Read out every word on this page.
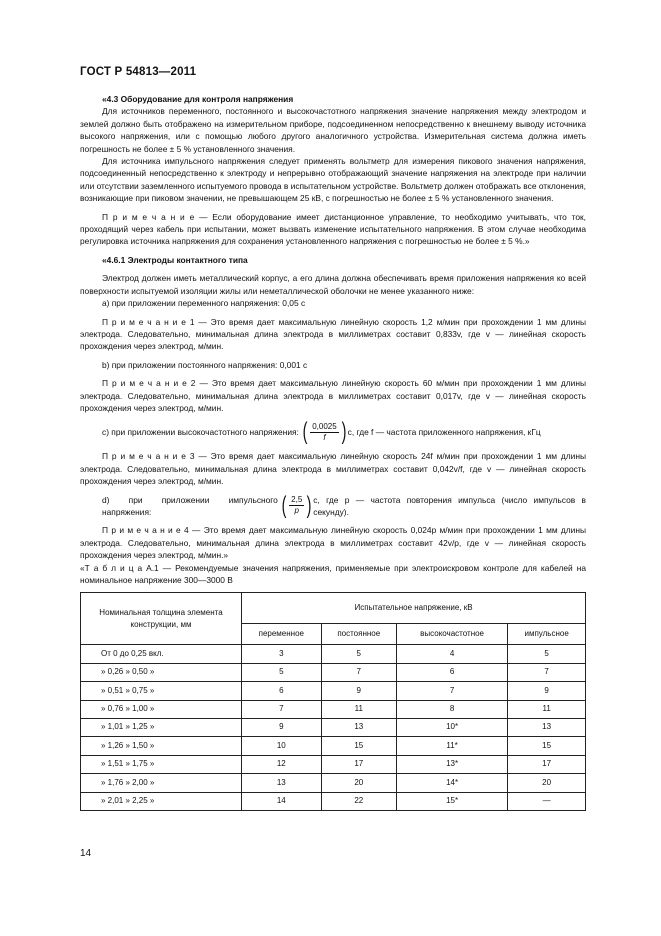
ГОСТ Р 54813—2011

«4.3 Оборудование для контроля напряжения

Для источников переменного, постоянного и высокочастотного напряжения значение напряжения между электродом и землей должно быть отображено на измерительном приборе, подсоединенном непосредственно к внешнему выводу источника высокого напряжения, или с помощью любого другого аналогичного устройства. Измерительная система должна иметь погрешность не более ± 5 % установленного значения.

Для источника импульсного напряжения следует применять вольтметр для измерения пикового значения напряжения, подсоединенный непосредственно к электроду и непрерывно отображающий значение напряжения на электроде при наличии или отсутствии заземленного испытуемого провода в испытательном устройстве. Вольтметр должен отображать все отклонения, возникающие при пиковом значении, не превышающем 25 кВ, с погрешностью не более ± 5 % установленного значения.

П р и м е ч а н и е — Если оборудование имеет дистанционное управление, то необходимо учитывать, что ток, проходящий через кабель при испытании, может вызвать изменение испытательного напряжения. В этом случае необходима регулировка источника напряжения для сохранения установленного напряжения с погрешностью не более ± 5 %.»

«4.6.1 Электроды контактного типа

Электрод должен иметь металлический корпус, а его длина должна обеспечивать время приложения напряжения ко всей поверхности испытуемой изоляции жилы или неметаллической оболочки не менее указанного ниже:

a) при приложении переменного напряжения: 0,05 с

П р и м е ч а н и е 1 — Это время дает максимальную линейную скорость 1,2 м/мин при прохождении 1 мм длины электрода. Следовательно, минимальная длина электрода в миллиметрах составит 0,833v, где v — линейная скорость прохождения через электрод, м/мин.

b) при приложении постоянного напряжения: 0,001 с

П р и м е ч а н и е 2 — Это время дает максимальную линейную скорость 60 м/мин при прохождении 1 мм длины электрода. Следовательно, минимальная длина электрода в миллиметрах составит 0,017v, где v — линейная скорость прохождения через электрод, м/мин.

c) при приложении высокочастотного напряжения:
( $\frac{0,0025}{f}$ ) с, где f — частота приложенного напряжения, кГц

П р и м е ч а н и е 3 — Это время дает максимальную линейную скорость 24f м/мин при прохождении 1 мм длины электрода. Следовательно, минимальная длина электрода в миллиметрах составит 0,042v/f, где v — линейная скорость прохождения через электрод, м/мин.

d) при приложении импульсного напряжения:
	( $\frac{2,5}{p}$ ) с, где p — частота повторения импульса (число импульсов в секунду).

П р и м е ч а н и е 4 — Это время дает максимальную линейную скорость 0,024p м/мин при прохождении 1 мм длины электрода. Следовательно, минимальная длина электрода в миллиметрах составит 42v/p, где v — линейная скорость прохождения через электрод, м/мин.»

«Т а б л и ц а А.1 — Рекомендуемые значения напряжения, применяемые при электроискровом контроле для кабелей на номинальное напряжение 300—3000 В

Номинальная толщина элемента конструкции, мм	Испытательное напряжение, кВ			
	переменное	постоянное	высокочастотное	импульсное
От 0 до 0,25 вкл.	3	5	4	5
» 0,26 » 0,50 »	5	7	6	7
» 0,51 » 0,75 »	6	9	7	9
» 0,76 » 1,00 »	7	11	8	11
» 1,01 » 1,25 »	9	13	10*	13
» 1,26 » 1,50 »	10	15	11*	15
» 1,51 » 1,75 »	12	17	13*	17
» 1,76 » 2,00 »	13	20	14*	20
» 2,01 » 2,25 »	14	22	15*	—
14
